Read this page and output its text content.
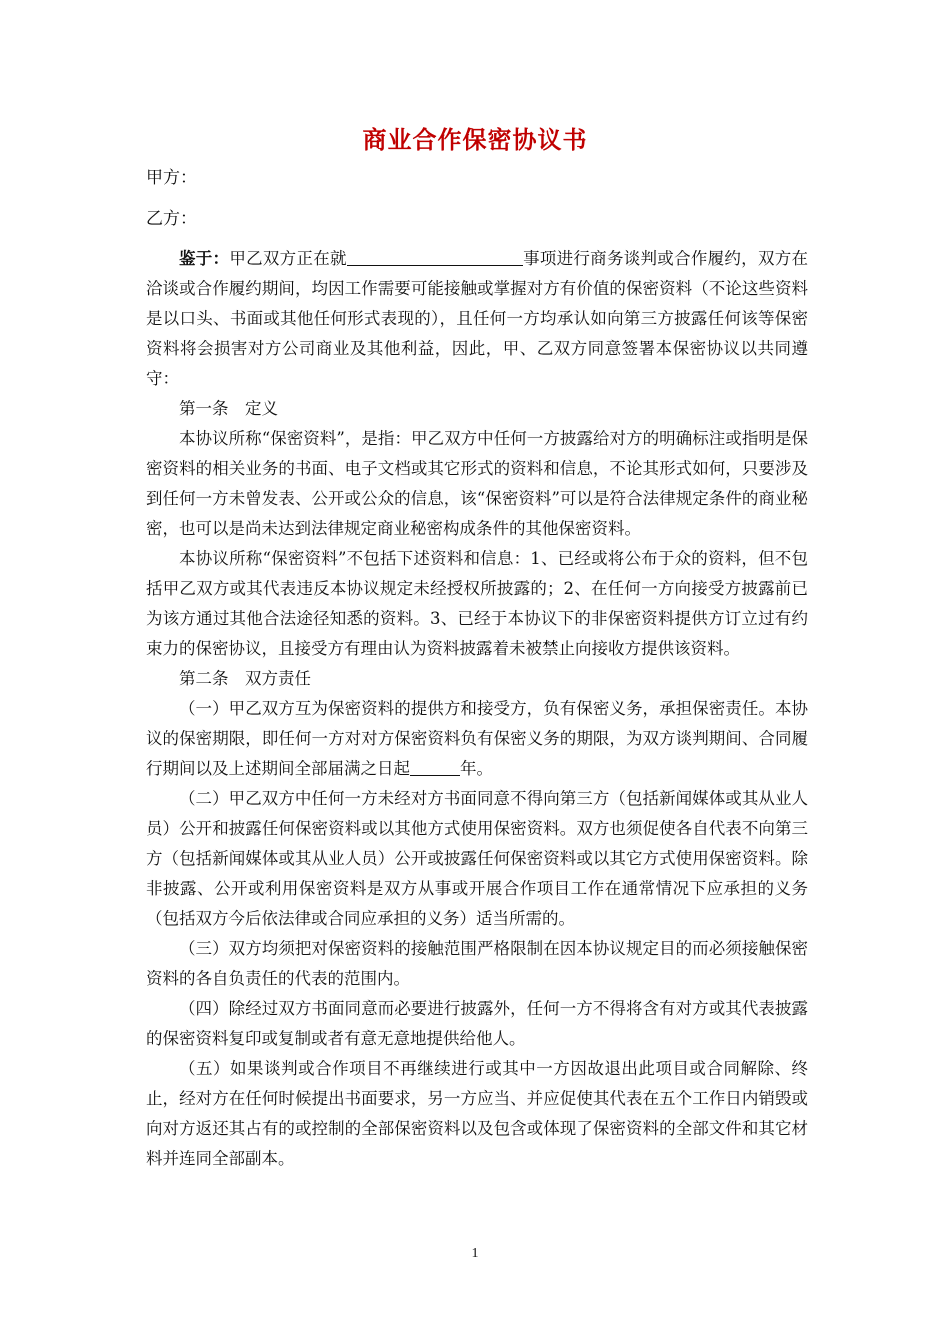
商业合作保密协议书
甲方：
乙方：

鉴于：甲乙双方正在就	事项进行商务谈判或合作履约，双方在洽谈或合作履约期间，均因工作需要可能接触或掌握对方有价值的保密资料（不论这些资料是以口头、书面或其他任何形式表现的），且任何一方均承认如向第三方披露任何该等保密资料将会损害对方公司商业及其他利益，因此，甲、乙双方同意签署本保密协议以共同遵守：

第一条　定义

本协议所称“保密资料”，是指：甲乙双方中任何一方披露给对方的明确标注或指明是保密资料的相关业务的书面、电子文档或其它形式的资料和信息，不论其形式如何，只要涉及到任何一方未曾发表、公开或公众的信息，该“保密资料”可以是符合法律规定条件的商业秘密，也可以是尚未达到法律规定商业秘密构成条件的其他保密资料。

本协议所称“保密资料”不包括下述资料和信息：1、已经或将公布于众的资料，但不包括甲乙双方或其代表违反本协议规定未经授权所披露的；2、在任何一方向接受方披露前已为该方通过其他合法途径知悉的资料。3、已经于本协议下的非保密资料提供方订立过有约束力的保密协议，且接受方有理由认为资料披露着未被禁止向接收方提供该资料。

第二条　双方责任

（一）甲乙双方互为保密资料的提供方和接受方，负有保密义务，承担保密责任。本协议的保密期限，即任何一方对对方保密资料负有保密义务的期限，为双方谈判期间、合同履行期间以及上述期间全部届满之日起	年。

（二）甲乙双方中任何一方未经对方书面同意不得向第三方（包括新闻媒体或其从业人员）公开和披露任何保密资料或以其他方式使用保密资料。双方也须促使各自代表不向第三方（包括新闻媒体或其从业人员）公开或披露任何保密资料或以其它方式使用保密资料。除非披露、公开或利用保密资料是双方从事或开展合作项目工作在通常情况下应承担的义务（包括双方今后依法律或合同应承担的义务）适当所需的。

（三）双方均须把对保密资料的接触范围严格限制在因本协议规定目的而必须接触保密资料的各自负责任的代表的范围内。

（四）除经过双方书面同意而必要进行披露外，任何一方不得将含有对方或其代表披露的保密资料复印或复制或者有意无意地提供给他人。

（五）如果谈判或合作项目不再继续进行或其中一方因故退出此项目或合同解除、终止，经对方在任何时候提出书面要求，另一方应当、并应促使其代表在五个工作日内销毁或向对方返还其占有的或控制的全部保密资料以及包含或体现了保密资料的全部文件和其它材料并连同全部副本。

1
